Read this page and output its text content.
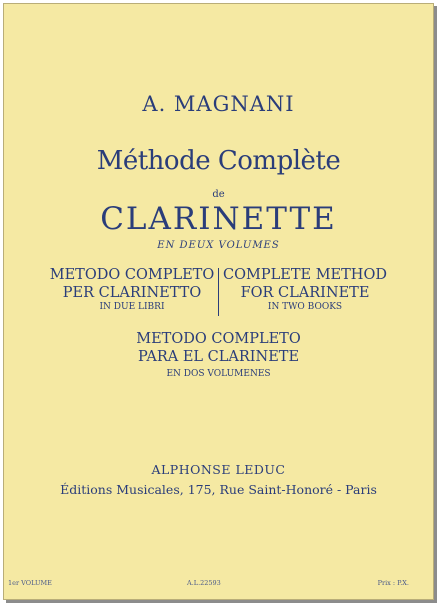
A. MAGNANI

Méthode Complète

de

CLARINETTE

EN DEUX VOLUMES

METODO COMPLETO
PER CLARINETTO
IN DUE LIBRI
COMPLETE METHOD
FOR CLARINETE
IN TWO BOOKS

METODO COMPLETO

PARA EL CLARINETE

EN DOS VOLUMENES

ALPHONSE LEDUC

Éditions Musicales, 175, Rue Saint-Honoré - Paris

1er VOLUME	A.L.22593	Prix : P.X.
